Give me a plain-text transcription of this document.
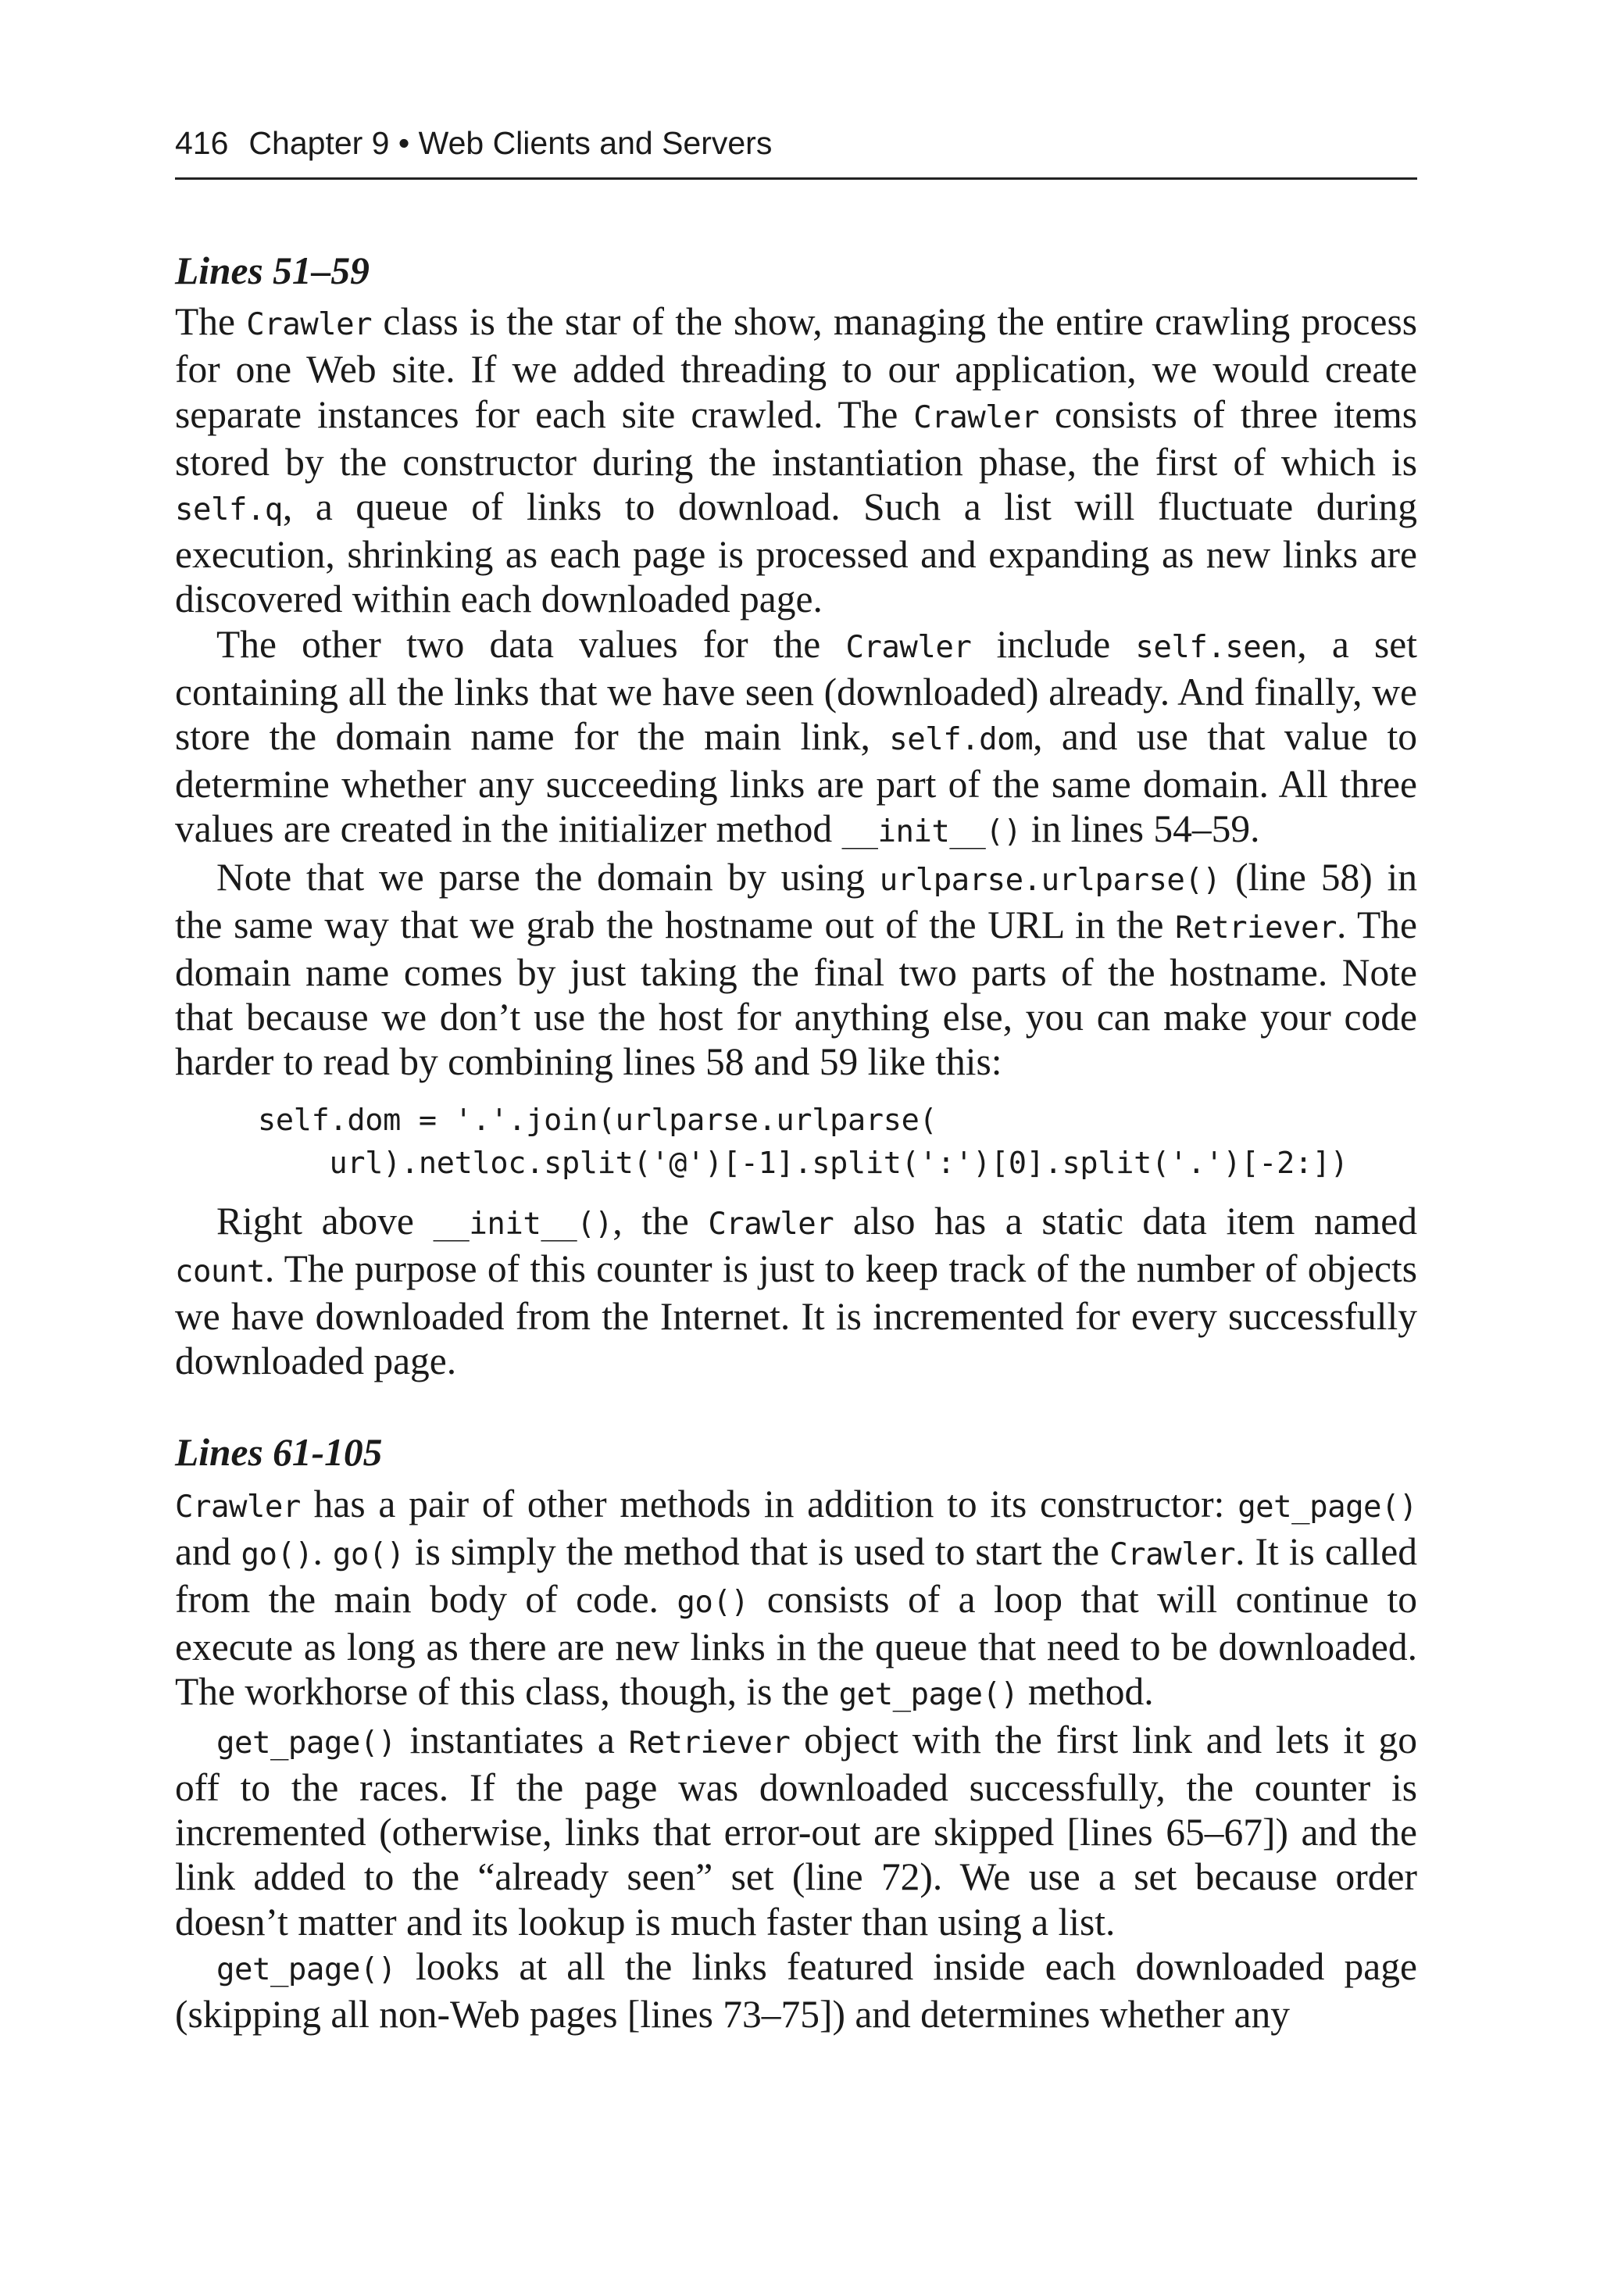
416 Chapter 9 • Web Clients and Servers
Lines 51–59

The Crawler class is the star of the show, managing the entire crawling process for one Web site. If we added threading to our application, we would create separate instances for each site crawled. The Crawler consists of three items stored by the constructor during the instantiation phase, the first of which is self.q, a queue of links to download. Such a list will fluctuate during execution, shrinking as each page is processed and expanding as new links are discovered within each downloaded page.

The other two data values for the Crawler include self.seen, a set containing all the links that we have seen (downloaded) already. And finally, we store the domain name for the main link, self.dom, and use that value to determine whether any succeeding links are part of the same domain. All three values are created in the initializer method __init__() in lines 54–59.

Note that we parse the domain by using urlparse.urlparse() (line 58) in the same way that we grab the hostname out of the URL in the Retriever. The domain name comes by just taking the final two parts of the hostname. Note that because we don’t use the host for anything else, you can make your code harder to read by combining lines 58 and 59 like this:

self.dom = '.'.join(urlparse.urlparse(
url).netloc.split('@')[-1].split(':')[0].split('.')[-2:])

Right above __init__(), the Crawler also has a static data item named count. The purpose of this counter is just to keep track of the number of objects we have downloaded from the Internet. It is incremented for every successfully downloaded page.

Lines 61-105

Crawler has a pair of other methods in addition to its constructor: get_page() and go(). go() is simply the method that is used to start the Crawler. It is called from the main body of code. go() consists of a loop that will continue to execute as long as there are new links in the queue that need to be downloaded. The workhorse of this class, though, is the get_page() method.

get_page() instantiates a Retriever object with the first link and lets it go off to the races. If the page was downloaded successfully, the counter is incremented (otherwise, links that error-out are skipped [lines 65–67]) and the link added to the “already seen” set (line 72). We use a set because order doesn’t matter and its lookup is much faster than using a list.

get_page() looks at all the links featured inside each downloaded page (skipping all non-Web pages [lines 73–75]) and determines whether any
